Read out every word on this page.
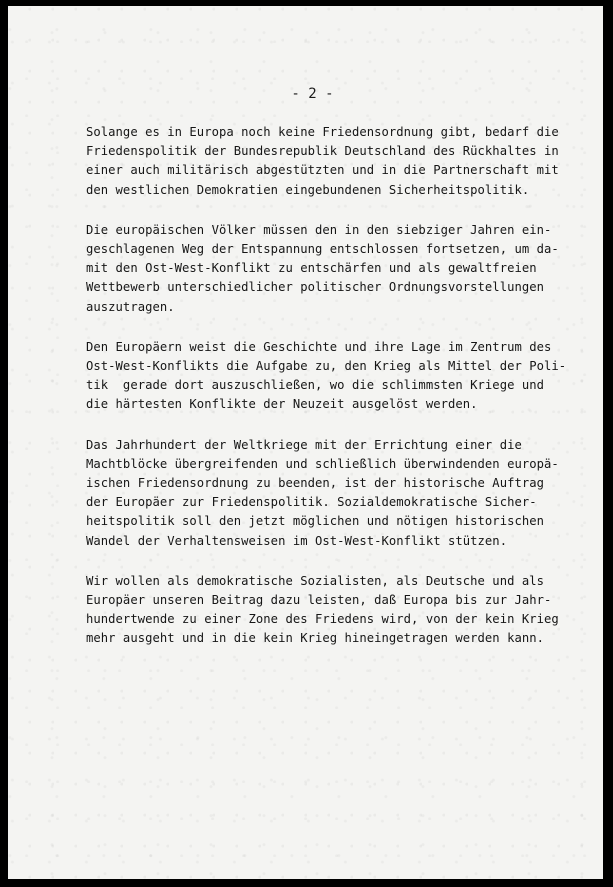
- 2 -
Solange es in Europa noch keine Friedensordnung gibt, bedarf die
Friedenspolitik der Bundesrepublik Deutschland des Rückhaltes in
einer auch militärisch abgestützten und in die Partnerschaft mit
den westlichen Demokratien eingebundenen Sicherheitspolitik.
Die europäischen Völker müssen den in den siebziger Jahren ein-
geschlagenen Weg der Entspannung entschlossen fortsetzen, um da-
mit den Ost-West-Konflikt zu entschärfen und als gewaltfreien
Wettbewerb unterschiedlicher politischer Ordnungsvorstellungen
auszutragen.
Den Europäern weist die Geschichte und ihre Lage im Zentrum des
Ost-West-Konflikts die Aufgabe zu, den Krieg als Mittel der Poli-
tik  gerade dort auszuschließen, wo die schlimmsten Kriege und
die härtesten Konflikte der Neuzeit ausgelöst werden.
Das Jahrhundert der Weltkriege mit der Errichtung einer die
Machtblöcke übergreifenden und schließlich überwindenden europä-
ischen Friedensordnung zu beenden, ist der historische Auftrag
der Europäer zur Friedenspolitik. Sozialdemokratische Sicher-
heitspolitik soll den jetzt möglichen und nötigen historischen
Wandel der Verhaltensweisen im Ost-West-Konflikt stützen.
Wir wollen als demokratische Sozialisten, als Deutsche und als
Europäer unseren Beitrag dazu leisten, daß Europa bis zur Jahr-
hundertwende zu einer Zone des Friedens wird, von der kein Krieg
mehr ausgeht und in die kein Krieg hineingetragen werden kann.
